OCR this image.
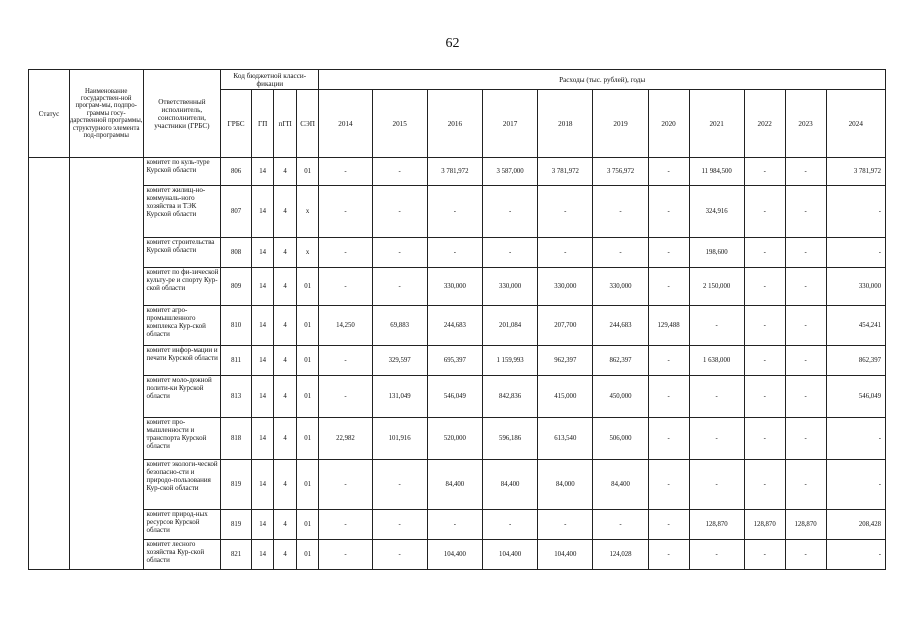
62
Статус	Наименование государствен-ной програм-мы, подпро-граммы госу-дарственной программы, структурного элемента под-программы	Ответственный исполнитель, соисполнители, участники (ГРБС)	Код бюджетной класси-фикации				Расходы (тыс. рублей), годы										
			ГРБС	ГП	пГП	СЭП	2014	2015	2016	2017	2018	2019	2020	2021	2022	2023	2024
		комитет по куль-туре Курской области	806	14	4	01	-	-	3 781,972	3 587,000	3 781,972	3 756,972	-	11 984,500	-	-	3 781,972
		комитет жилищ-но-коммуналь-ного хозяйства и ТЭК Курской области	807	14	4	х	-	-	-	-	-	-	-	324,916	-	-	-
		комитет строительства Курской области	808	14	4	х	-	-	-	-	-	-	-	198,600	-	-	-
		комитет по фи-зической культу-ре и спорту Кур-ской области	809	14	4	01	-	-	330,000	330,000	330,000	330,000	-	2 150,000	-	-	330,000
		комитет агро-промышленного комплекса Кур-ской области	810	14	4	01	14,250	69,883	244,683	201,084	207,700	244,683	129,488	-	-	-	454,241
		комитет инфор-мации и печати Курской области	811	14	4	01	-	329,597	695,397	1 159,993	962,397	862,397	-	1 638,000	-	-	862,397
		комитет моло-дежной полити-ки Курской области	813	14	4	01	-	131,049	546,049	842,836	415,000	450,000	-	-	-	-	546,049
		комитет про-мышленности и транспорта Курской области	818	14	4	01	22,982	101,916	520,000	596,186	613,540	506,000	-	-	-	-	-
		комитет экологи-ческой безопасно-сти и природо-пользования Кур-ской области	819	14	4	01	-	-	84,400	84,400	84,000	84,400	-	-	-	-	-
		комитет природ-ных ресурсов Курской области	819	14	4	01	-	-	-	-	-	-	-	128,870	128,870	128,870	208,428
		комитет лесного хозяйства Кур-ской области	821	14	4	01	-	-	104,400	104,400	104,400	124,028	-	-	-	-	-
